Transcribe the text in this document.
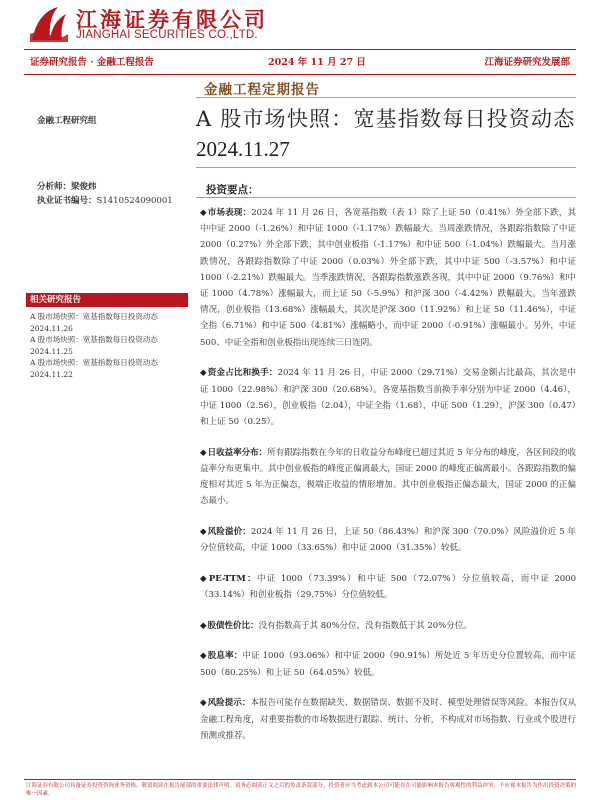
江海证券有限公司
JIANGHAI SECURITIES CO.,LTD.
证券研究报告 · 金融工程报告	2024 年 11 月 27 日	江海证券研究发展部
金融工程定期报告
金融工程研究组	A 股市场快照：宽基指数每日投资动态
2024.11.27
分析师：梁俊炜
执业证书编号：S1410524090001
投资要点：
相关研究报告
A 股市场快照：宽基指数每日投资动态 2024.11.26
A 股市场快照：宽基指数每日投资动态 2024.11.25
A 股市场快照：宽基指数每日投资动态 2024.11.22

◆市场表现：2024 年 11 月 26 日，各宽基指数（表 1）除了上证 50（0.41%）外全部下跌，其中中证 2000（-1.26%）和中证 1000（-1.17%）跌幅最大。当周涨跌情况，各跟踪指数除了中证 2000（0.27%）外全部下跌，其中创业板指（-1.17%）和中证 500（-1.04%）跌幅最大。当月涨跌情况，各跟踪指数除了中证 2000（0.03%）外全部下跌，其中中证 500（-3.57%）和中证 1000（-2.21%）跌幅最大。当季涨跌情况，各跟踪指数涨跌各现，其中中证 2000（9.76%）和中证 1000（4.78%）涨幅最大，而上证 50（-5.9%）和沪深 300（-4.42%）跌幅最大。当年涨跌情况，创业板指（13.68%）涨幅最大，其次是沪深 300（11.92%）和上证 50（11.46%），中证全指（6.71%）和中证 500（4.81%）涨幅略小，而中证 2000（-0.91%）涨幅最小。另外，中证 500、中证全指和创业板指出现连续三日连阴。

◆资金占比和换手：2024 年 11 月 26 日，中证 2000（29.71%）交易金额占比最高，其次是中证 1000（22.98%）和沪深 300（20.68%）。各宽基指数当前换手率分别为中证 2000（4.46），中证 1000（2.56），创业板指（2.04），中证全指（1.68），中证 500（1.29），沪深 300（0.47）和上证 50（0.25）。

◆日收益率分布：所有跟踪指数在今年的日收益分布峰度已超过其近 5 年分布的峰度，各区间段的收益率分布更集中。其中创业板指的峰度正偏离最大，国证 2000 的峰度正偏离最小。各跟踪指数的偏度相对其近 5 年为正偏态，极端正收益的情形增加。其中创业板指正偏态最大，国证 2000 的正偏态最小。

◆风险溢价：2024 年 11 月 26 日，上证 50（86.43%）和沪深 300（70.0%）风险溢价近 5 年分位值较高，中证 1000（33.65%）和中证 2000（31.35%）较低。

◆PE-TTM：中证 1000（73.39%）和中证 500（72.07%）分位值较高，而中证 2000（33.14%）和创业板指（29.75%）分位值较低。

◆股债性价比：没有指数高于其 80%分位，没有指数低于其 20%分位。

◆股息率：中证 1000（93.06%）和中证 2000（90.91%）所处近 5 年历史分位置较高，而中证 500（80.25%）和上证 50（64.05%）较低。

◆风险提示：本报告可能存在数据缺失、数据错误、数据不及时、模型处理错误等风险。本报告仅从金融工程角度，对重要指数的市场数据进行跟踪、统计、分析，不构成对市场指数、行业或个股进行预测或推荐。

江海证券有限公司具备证券投资咨询业务资格，敬请阅读在报告尾部的重要法律声明。请务必阅读正文之后的免责条款部分。投资者应当考虑到本公司可能存在可能影响本报告客观性的利益冲突，不应视本报告为作出投资决策的唯一因素。
